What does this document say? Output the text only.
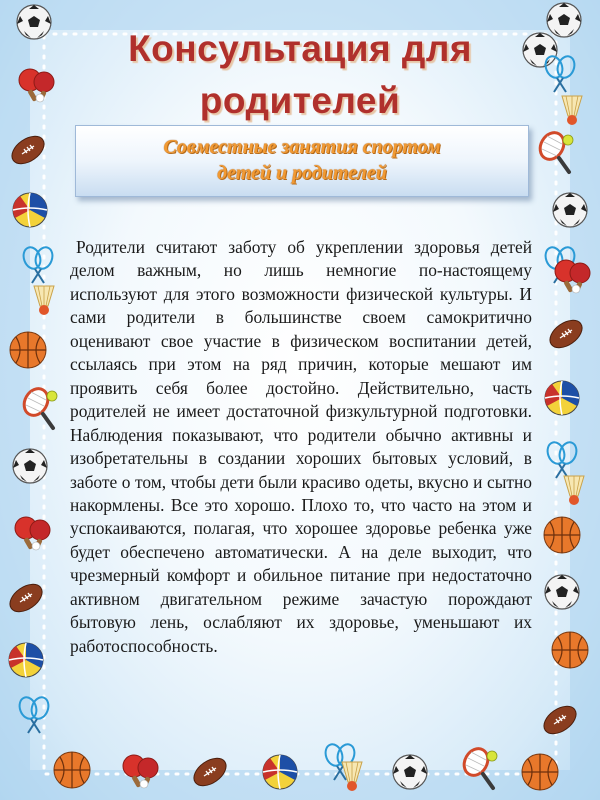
Консультация для
родителей
Совместные занятия спортом
детей и родителей
Родители считают заботу об укреплении здоровья детей делом важным, но лишь немногие по-настоящему используют для этого возможности физической культуры. И сами родители в большинстве своем самокритично оценивают свое участие в физическом воспитании детей, ссылаясь при этом на ряд причин, которые мешают им проявить себя более достойно. Действительно, часть родителей не имеет достаточной физкультурной подготовки. Наблюдения показывают, что родители обычно активны и изобретательны в создании хороших бытовых условий, в заботе о том, чтобы дети были красиво одеты, вкусно и сытно накормлены. Все это хорошо. Плохо то, что часто на этом и успокаиваются, полагая, что хорошее здоровье ребенка уже будет обеспечено автоматически. А на деле выходит, что чрезмерный комфорт и обильное питание при недостаточно активном двигательном режиме зачастую порождают бытовую лень, ослабляют их здоровье, уменьшают их работоспособность.
